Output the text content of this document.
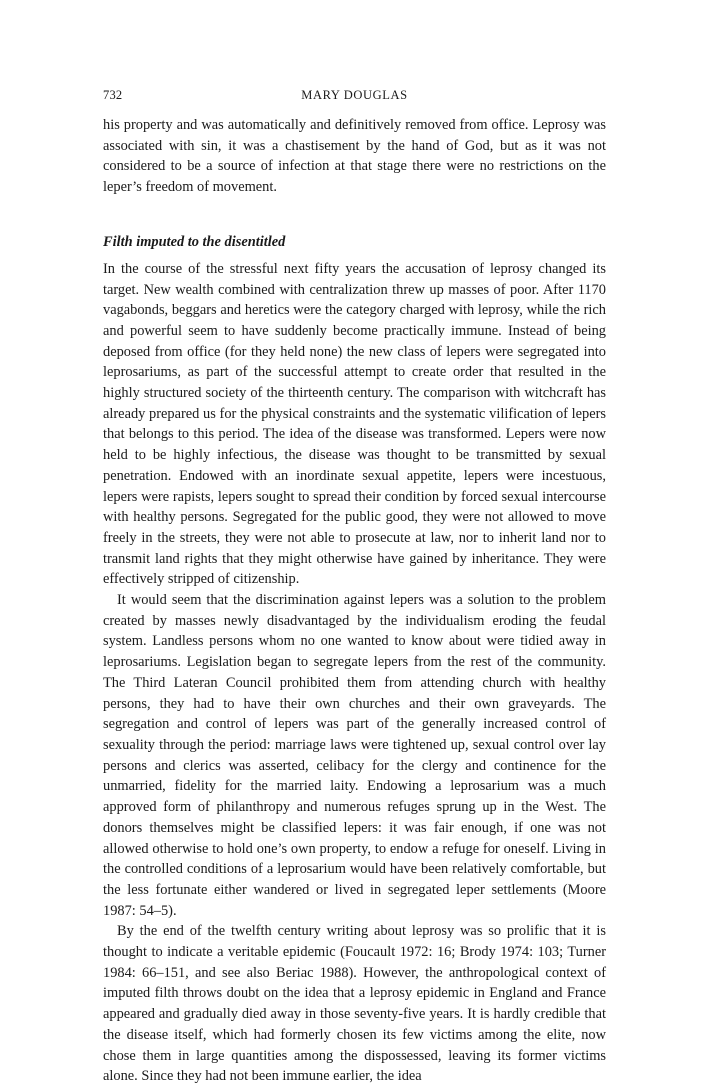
732	MARY DOUGLAS

his property and was automatically and definitively removed from office. Leprosy was associated with sin, it was a chastisement by the hand of God, but as it was not considered to be a source of infection at that stage there were no restrictions on the leper’s freedom of movement.

Filth imputed to the disentitled

In the course of the stressful next fifty years the accusation of leprosy changed its target. New wealth combined with centralization threw up masses of poor. After 1170 vagabonds, beggars and heretics were the category charged with leprosy, while the rich and powerful seem to have suddenly become practically immune. Instead of being deposed from office (for they held none) the new class of lepers were segregated into leprosariums, as part of the successful attempt to create order that resulted in the highly structured society of the thirteenth century. The comparison with witchcraft has already prepared us for the physical constraints and the systematic vilification of lepers that belongs to this period. The idea of the disease was transformed. Lepers were now held to be highly infectious, the disease was thought to be transmitted by sexual penetration. Endowed with an inordinate sexual appetite, lepers were incestuous, lepers were rapists, lepers sought to spread their condition by forced sexual intercourse with healthy persons. Segregated for the public good, they were not allowed to move freely in the streets, they were not able to prosecute at law, nor to inherit land nor to transmit land rights that they might otherwise have gained by inheritance. They were effectively stripped of citizenship.

It would seem that the discrimination against lepers was a solution to the problem created by masses newly disadvantaged by the individualism eroding the feudal system. Landless persons whom no one wanted to know about were tidied away in leprosariums. Legislation began to segregate lepers from the rest of the community. The Third Lateran Council prohibited them from attending church with healthy persons, they had to have their own churches and their own graveyards. The segregation and control of lepers was part of the generally increased control of sexuality through the period: marriage laws were tightened up, sexual control over lay persons and clerics was asserted, celibacy for the clergy and continence for the unmarried, fidelity for the married laity. Endowing a leprosarium was a much approved form of philanthropy and numerous refuges sprung up in the West. The donors themselves might be classified lepers: it was fair enough, if one was not allowed otherwise to hold one’s own property, to endow a refuge for oneself. Living in the controlled conditions of a leprosarium would have been relatively comfortable, but the less fortunate either wandered or lived in segregated leper settlements (Moore 1987: 54–5).

By the end of the twelfth century writing about leprosy was so prolific that it is thought to indicate a veritable epidemic (Foucault 1972: 16; Brody 1974: 103; Turner 1984: 66–151, and see also Beriac 1988). However, the anthropological context of imputed filth throws doubt on the idea that a leprosy epidemic in England and France appeared and gradually died away in those seventy-five years. It is hardly credible that the disease itself, which had formerly chosen its few victims among the elite, now chose them in large quantities among the dispossessed, leaving its former victims alone. Since they had not been immune earlier, the idea
